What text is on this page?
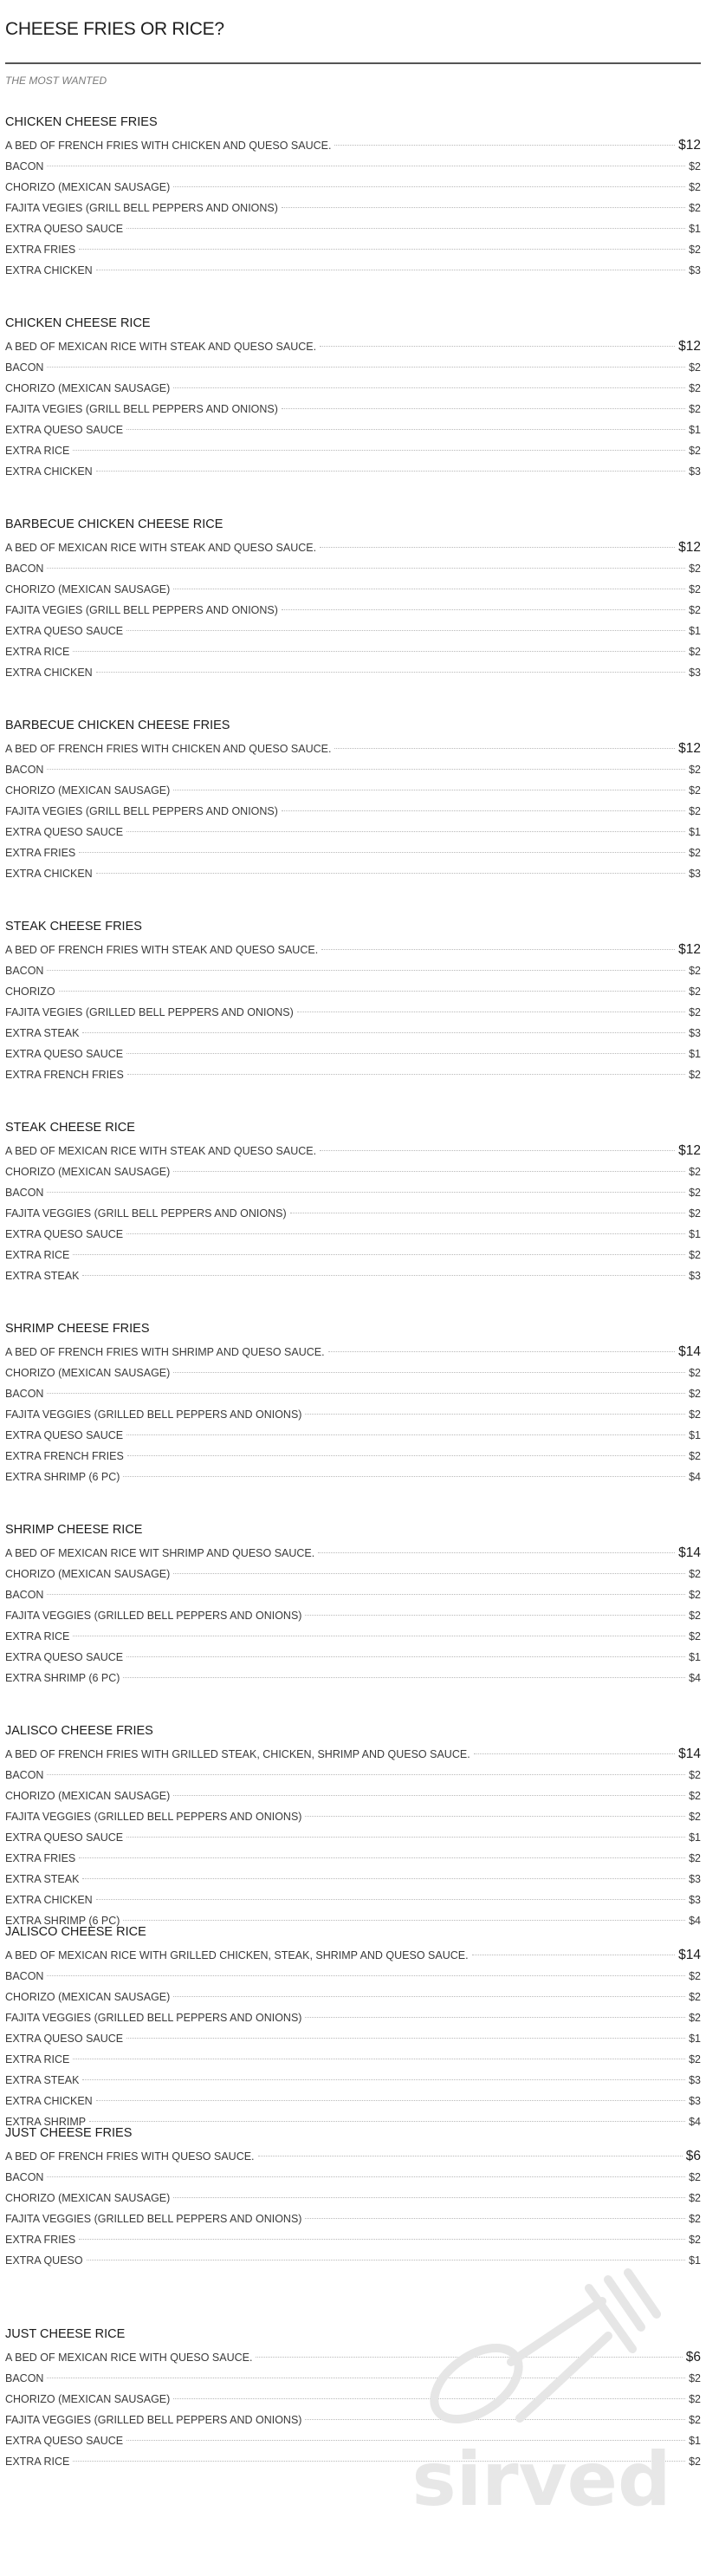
CHEESE FRIES OR RICE?
THE MOST WANTED
CHICKEN CHEESE FRIES
A BED OF FRENCH FRIES WITH CHICKEN AND QUESO SAUCE.	$12
BACON	$2
CHORIZO (MEXICAN SAUSAGE)	$2
FAJITA VEGIES (GRILL BELL PEPPERS AND ONIONS)	$2
EXTRA QUESO SAUCE	$1
EXTRA FRIES	$2
EXTRA CHICKEN	$3
CHICKEN CHEESE RICE
A BED OF MEXICAN RICE WITH STEAK AND QUESO SAUCE.	$12
BACON	$2
CHORIZO (MEXICAN SAUSAGE)	$2
FAJITA VEGIES (GRILL BELL PEPPERS AND ONIONS)	$2
EXTRA QUESO SAUCE	$1
EXTRA RICE	$2
EXTRA CHICKEN	$3
BARBECUE CHICKEN CHEESE RICE
A BED OF MEXICAN RICE WITH STEAK AND QUESO SAUCE.	$12
BACON	$2
CHORIZO (MEXICAN SAUSAGE)	$2
FAJITA VEGIES (GRILL BELL PEPPERS AND ONIONS)	$2
EXTRA QUESO SAUCE	$1
EXTRA RICE	$2
EXTRA CHICKEN	$3
BARBECUE CHICKEN CHEESE FRIES
A BED OF FRENCH FRIES WITH CHICKEN AND QUESO SAUCE.	$12
BACON	$2
CHORIZO (MEXICAN SAUSAGE)	$2
FAJITA VEGIES (GRILL BELL PEPPERS AND ONIONS)	$2
EXTRA QUESO SAUCE	$1
EXTRA FRIES	$2
EXTRA CHICKEN	$3
STEAK CHEESE FRIES
A BED OF FRENCH FRIES WITH STEAK AND QUESO SAUCE.	$12
BACON	$2
CHORIZO	$2
FAJITA VEGIES (GRILLED BELL PEPPERS AND ONIONS)	$2
EXTRA STEAK	$3
EXTRA QUESO SAUCE	$1
EXTRA FRENCH FRIES	$2
STEAK CHEESE RICE
A BED OF MEXICAN RICE WITH STEAK AND QUESO SAUCE.	$12
CHORIZO (MEXICAN SAUSAGE)	$2
BACON	$2
FAJITA VEGGIES (GRILL BELL PEPPERS AND ONIONS)	$2
EXTRA QUESO SAUCE	$1
EXTRA RICE	$2
EXTRA STEAK	$3
SHRIMP CHEESE FRIES
A BED OF FRENCH FRIES WITH SHRIMP AND QUESO SAUCE.	$14
CHORIZO (MEXICAN SAUSAGE)	$2
BACON	$2
FAJITA VEGGIES (GRILLED BELL PEPPERS AND ONIONS)	$2
EXTRA QUESO SAUCE	$1
EXTRA FRENCH FRIES	$2
EXTRA SHRIMP (6 PC)	$4
SHRIMP CHEESE RICE
A BED OF MEXICAN RICE WIT SHRIMP AND QUESO SAUCE.	$14
CHORIZO (MEXICAN SAUSAGE)	$2
BACON	$2
FAJITA VEGGIES (GRILLED BELL PEPPERS AND ONIONS)	$2
EXTRA RICE	$2
EXTRA QUESO SAUCE	$1
EXTRA SHRIMP (6 PC)	$4
JALISCO CHEESE FRIES
A BED OF FRENCH FRIES WITH GRILLED STEAK, CHICKEN, SHRIMP AND QUESO SAUCE.	$14
BACON	$2
CHORIZO (MEXICAN SAUSAGE)	$2
FAJITA VEGGIES (GRILLED BELL PEPPERS AND ONIONS)	$2
EXTRA QUESO SAUCE	$1
EXTRA FRIES	$2
EXTRA STEAK	$3
EXTRA CHICKEN	$3
EXTRA SHRIMP (6 PC)	$4
JALISCO CHEESE RICE
A BED OF MEXICAN RICE WITH GRILLED CHICKEN, STEAK, SHRIMP AND QUESO SAUCE.	$14
BACON	$2
CHORIZO (MEXICAN SAUSAGE)	$2
FAJITA VEGGIES (GRILLED BELL PEPPERS AND ONIONS)	$2
EXTRA QUESO SAUCE	$1
EXTRA RICE	$2
EXTRA STEAK	$3
EXTRA CHICKEN	$3
EXTRA SHRIMP	$4
JUST CHEESE FRIES
A BED OF FRENCH FRIES WITH QUESO SAUCE.	$6
BACON	$2
CHORIZO (MEXICAN SAUSAGE)	$2
FAJITA VEGGIES (GRILLED BELL PEPPERS AND ONIONS)	$2
EXTRA FRIES	$2
EXTRA QUESO	$1
JUST CHEESE RICE
A BED OF MEXICAN RICE WITH QUESO SAUCE.	$6
BACON	$2
CHORIZO (MEXICAN SAUSAGE)	$2
FAJITA VEGGIES (GRILLED BELL PEPPERS AND ONIONS)	$2
EXTRA QUESO SAUCE	$1
EXTRA RICE	$2
sirved
